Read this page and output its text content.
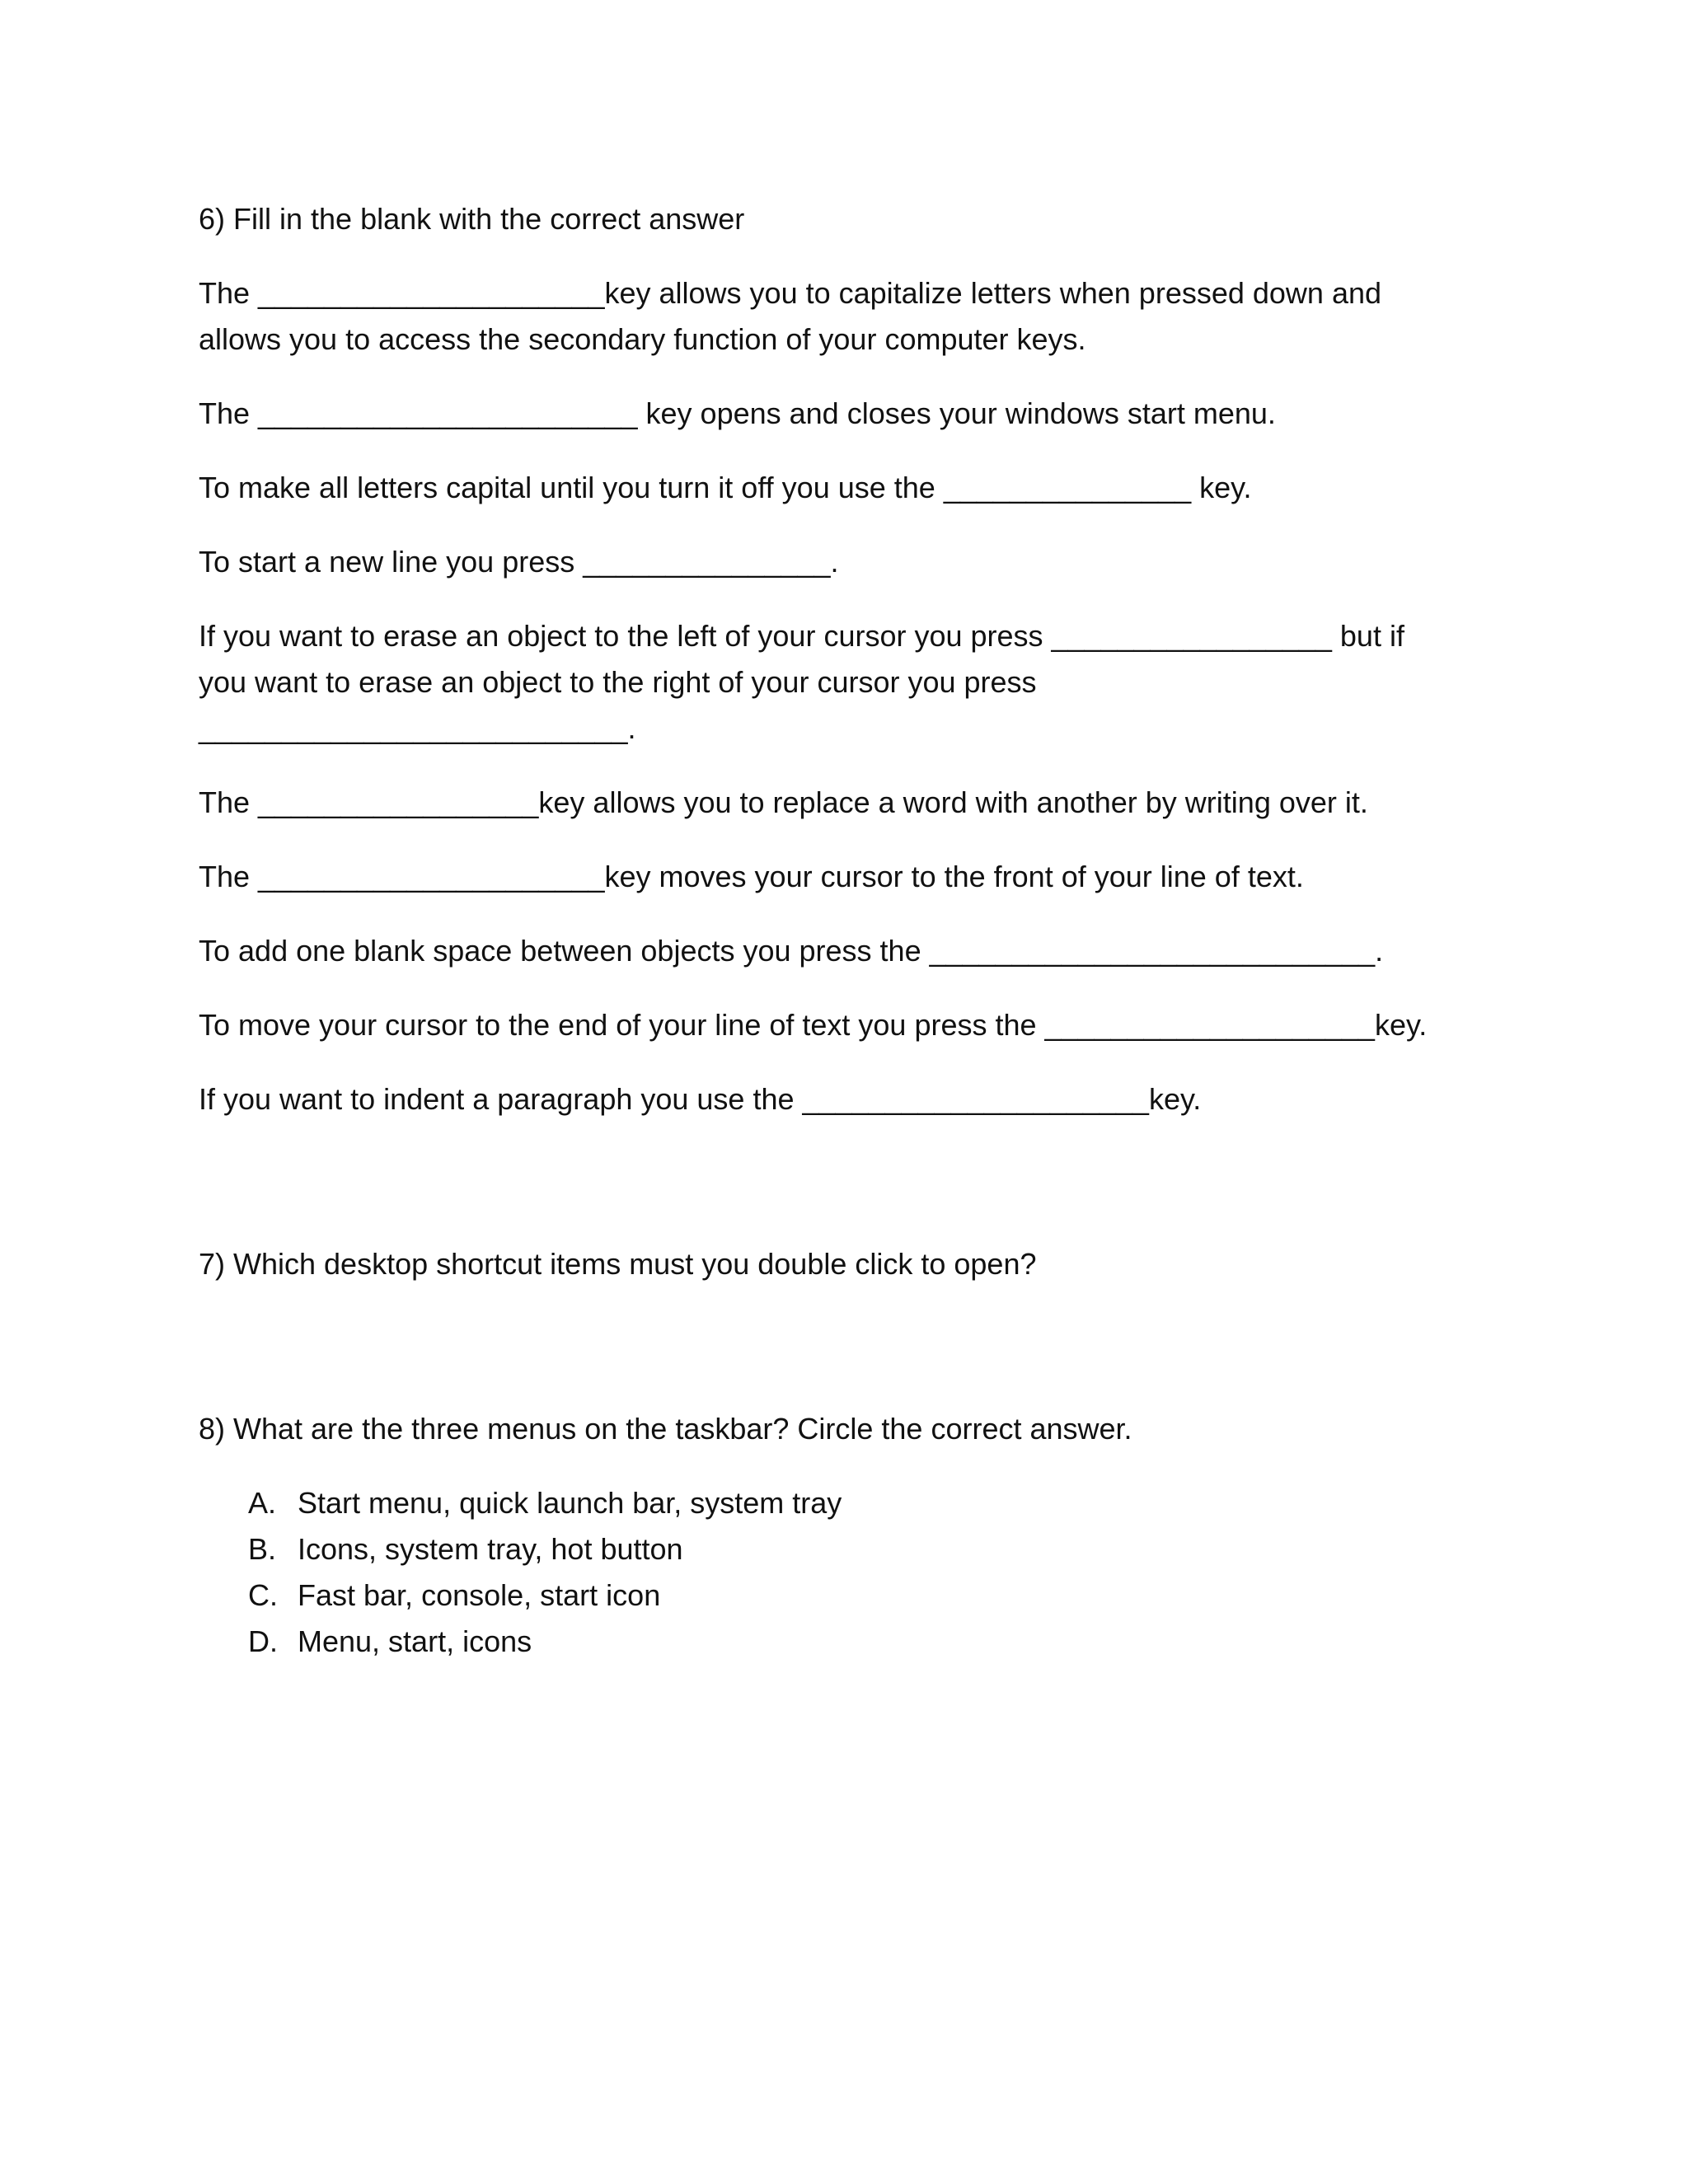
6) Fill in the blank with the correct answer

The _____________________key allows you to capitalize letters when pressed down and

allows you to access the secondary function of your computer keys.

The _______________________ key opens and closes your windows start menu.

To make all letters capital until you turn it off you use the _______________ key.

To start a new line you press _______________.

If you want to erase an object to the left of your cursor you press _________________ but if

you want to erase an object to the right of your cursor you press

__________________________.

The _________________key allows you to replace a word with another by writing over it.

The _____________________key moves your cursor to the front of your line of text.

To add one blank space between objects you press the ___________________________.

To move your cursor to the end of your line of text you press the ____________________key.

If you want to indent a paragraph you use the _____________________key.

7) Which desktop shortcut items must you double click to open?

8) What are the three menus on the taskbar? Circle the correct answer.

A. Start menu, quick launch bar, system tray
B. Icons, system tray, hot button
C. Fast bar, console, start icon
D. Menu, start, icons
